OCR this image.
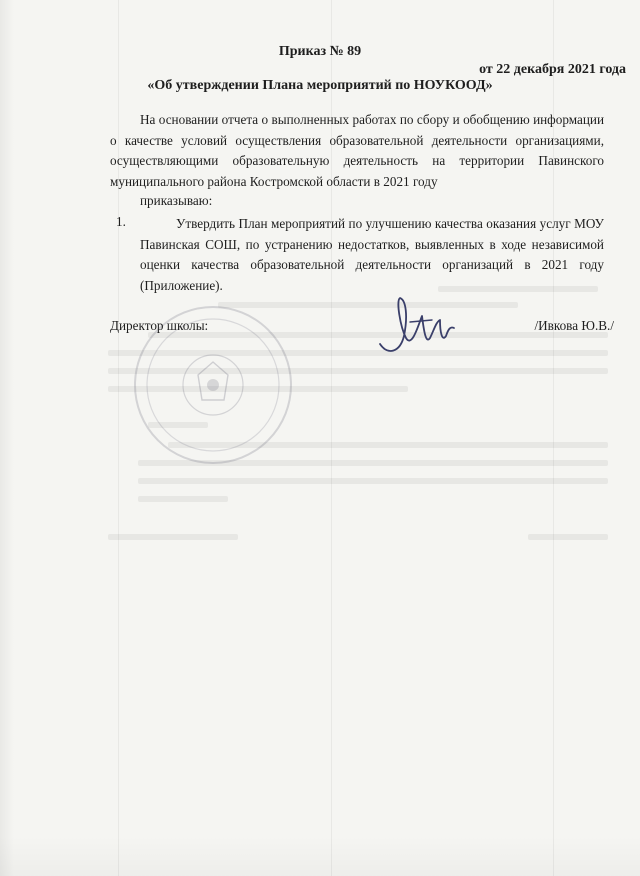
Приказ № 89
от 22 декабря 2021 года
«Об утверждении Плана мероприятий по НОУКООД»
На основании отчета о выполненных работах по сбору и обобщению информации о качестве условий осуществления образовательной деятельности организациями, осуществляющими образовательную деятельность на территории Павинского муниципального района Костромской области в 2021 году
приказываю:
1.	Утвердить План мероприятий по улучшению качества оказания услуг МОУ Павинская СОШ, по устранению недостатков, выявленных в ходе независимой оценки качества образовательной деятельности организаций в 2021 году (Приложение).
Директор школы:	/Ивкова Ю.В./
